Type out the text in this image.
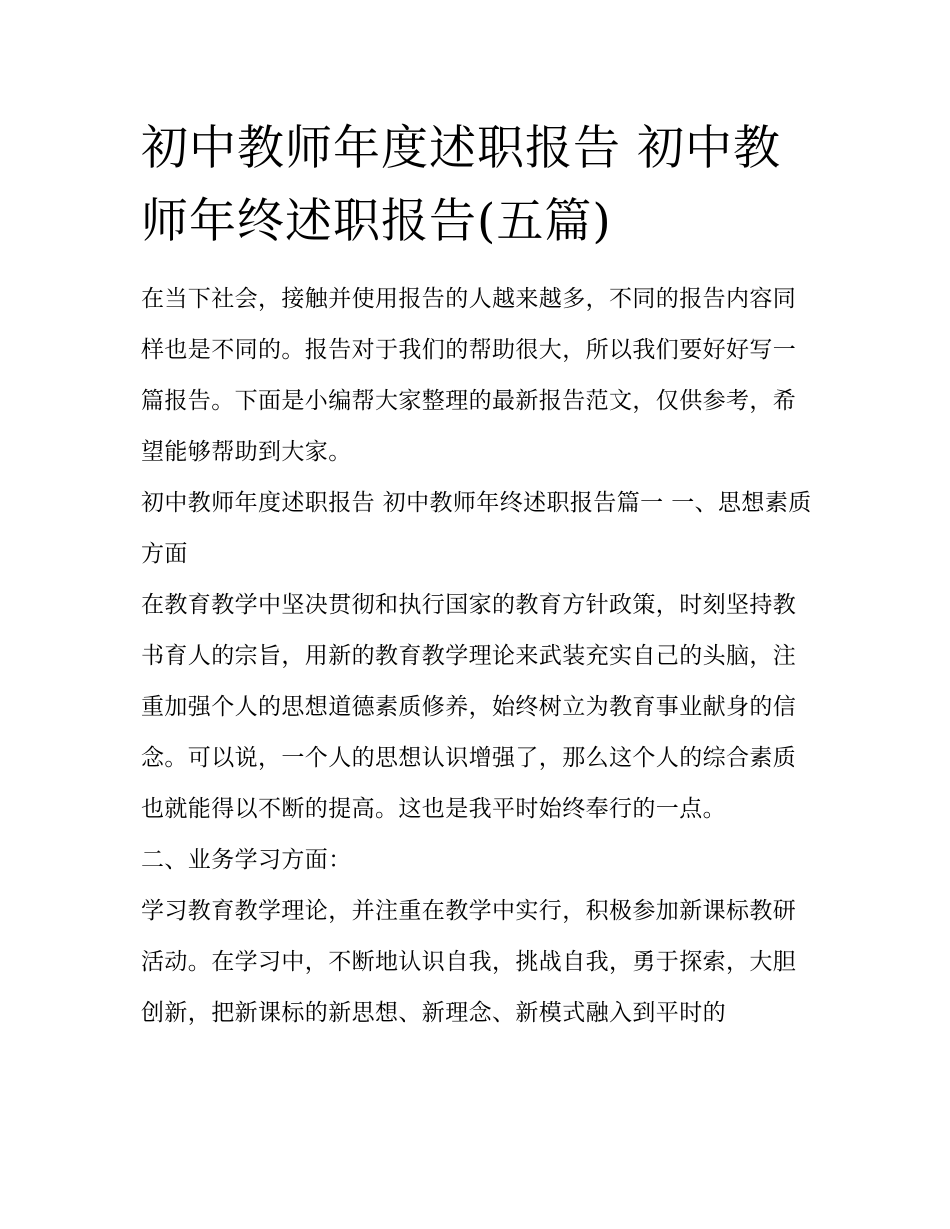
初中教师年度述职报告 初中教师年终述职报告(五篇)

在当下社会，接触并使用报告的人越来越多，不同的报告内容同样也是不同的。报告对于我们的帮助很大，所以我们要好好写一篇报告。下面是小编帮大家整理的最新报告范文，仅供参考，希望能够帮助到大家。

初中教师年度述职报告 初中教师年终述职报告篇一 一、思想素质方面

在教育教学中坚决贯彻和执行国家的教育方针政策，时刻坚持教书育人的宗旨，用新的教育教学理论来武装充实自己的头脑，注重加强个人的思想道德素质修养，始终树立为教育事业献身的信念。可以说，一个人的思想认识增强了，那么这个人的综合素质也就能得以不断的提高。这也是我平时始终奉行的一点。

二、业务学习方面：

学习教育教学理论，并注重在教学中实行，积极参加新课标教研活动。在学习中，不断地认识自我，挑战自我，勇于探索，大胆创新，把新课标的新思想、新理念、新模式融入到平时的
